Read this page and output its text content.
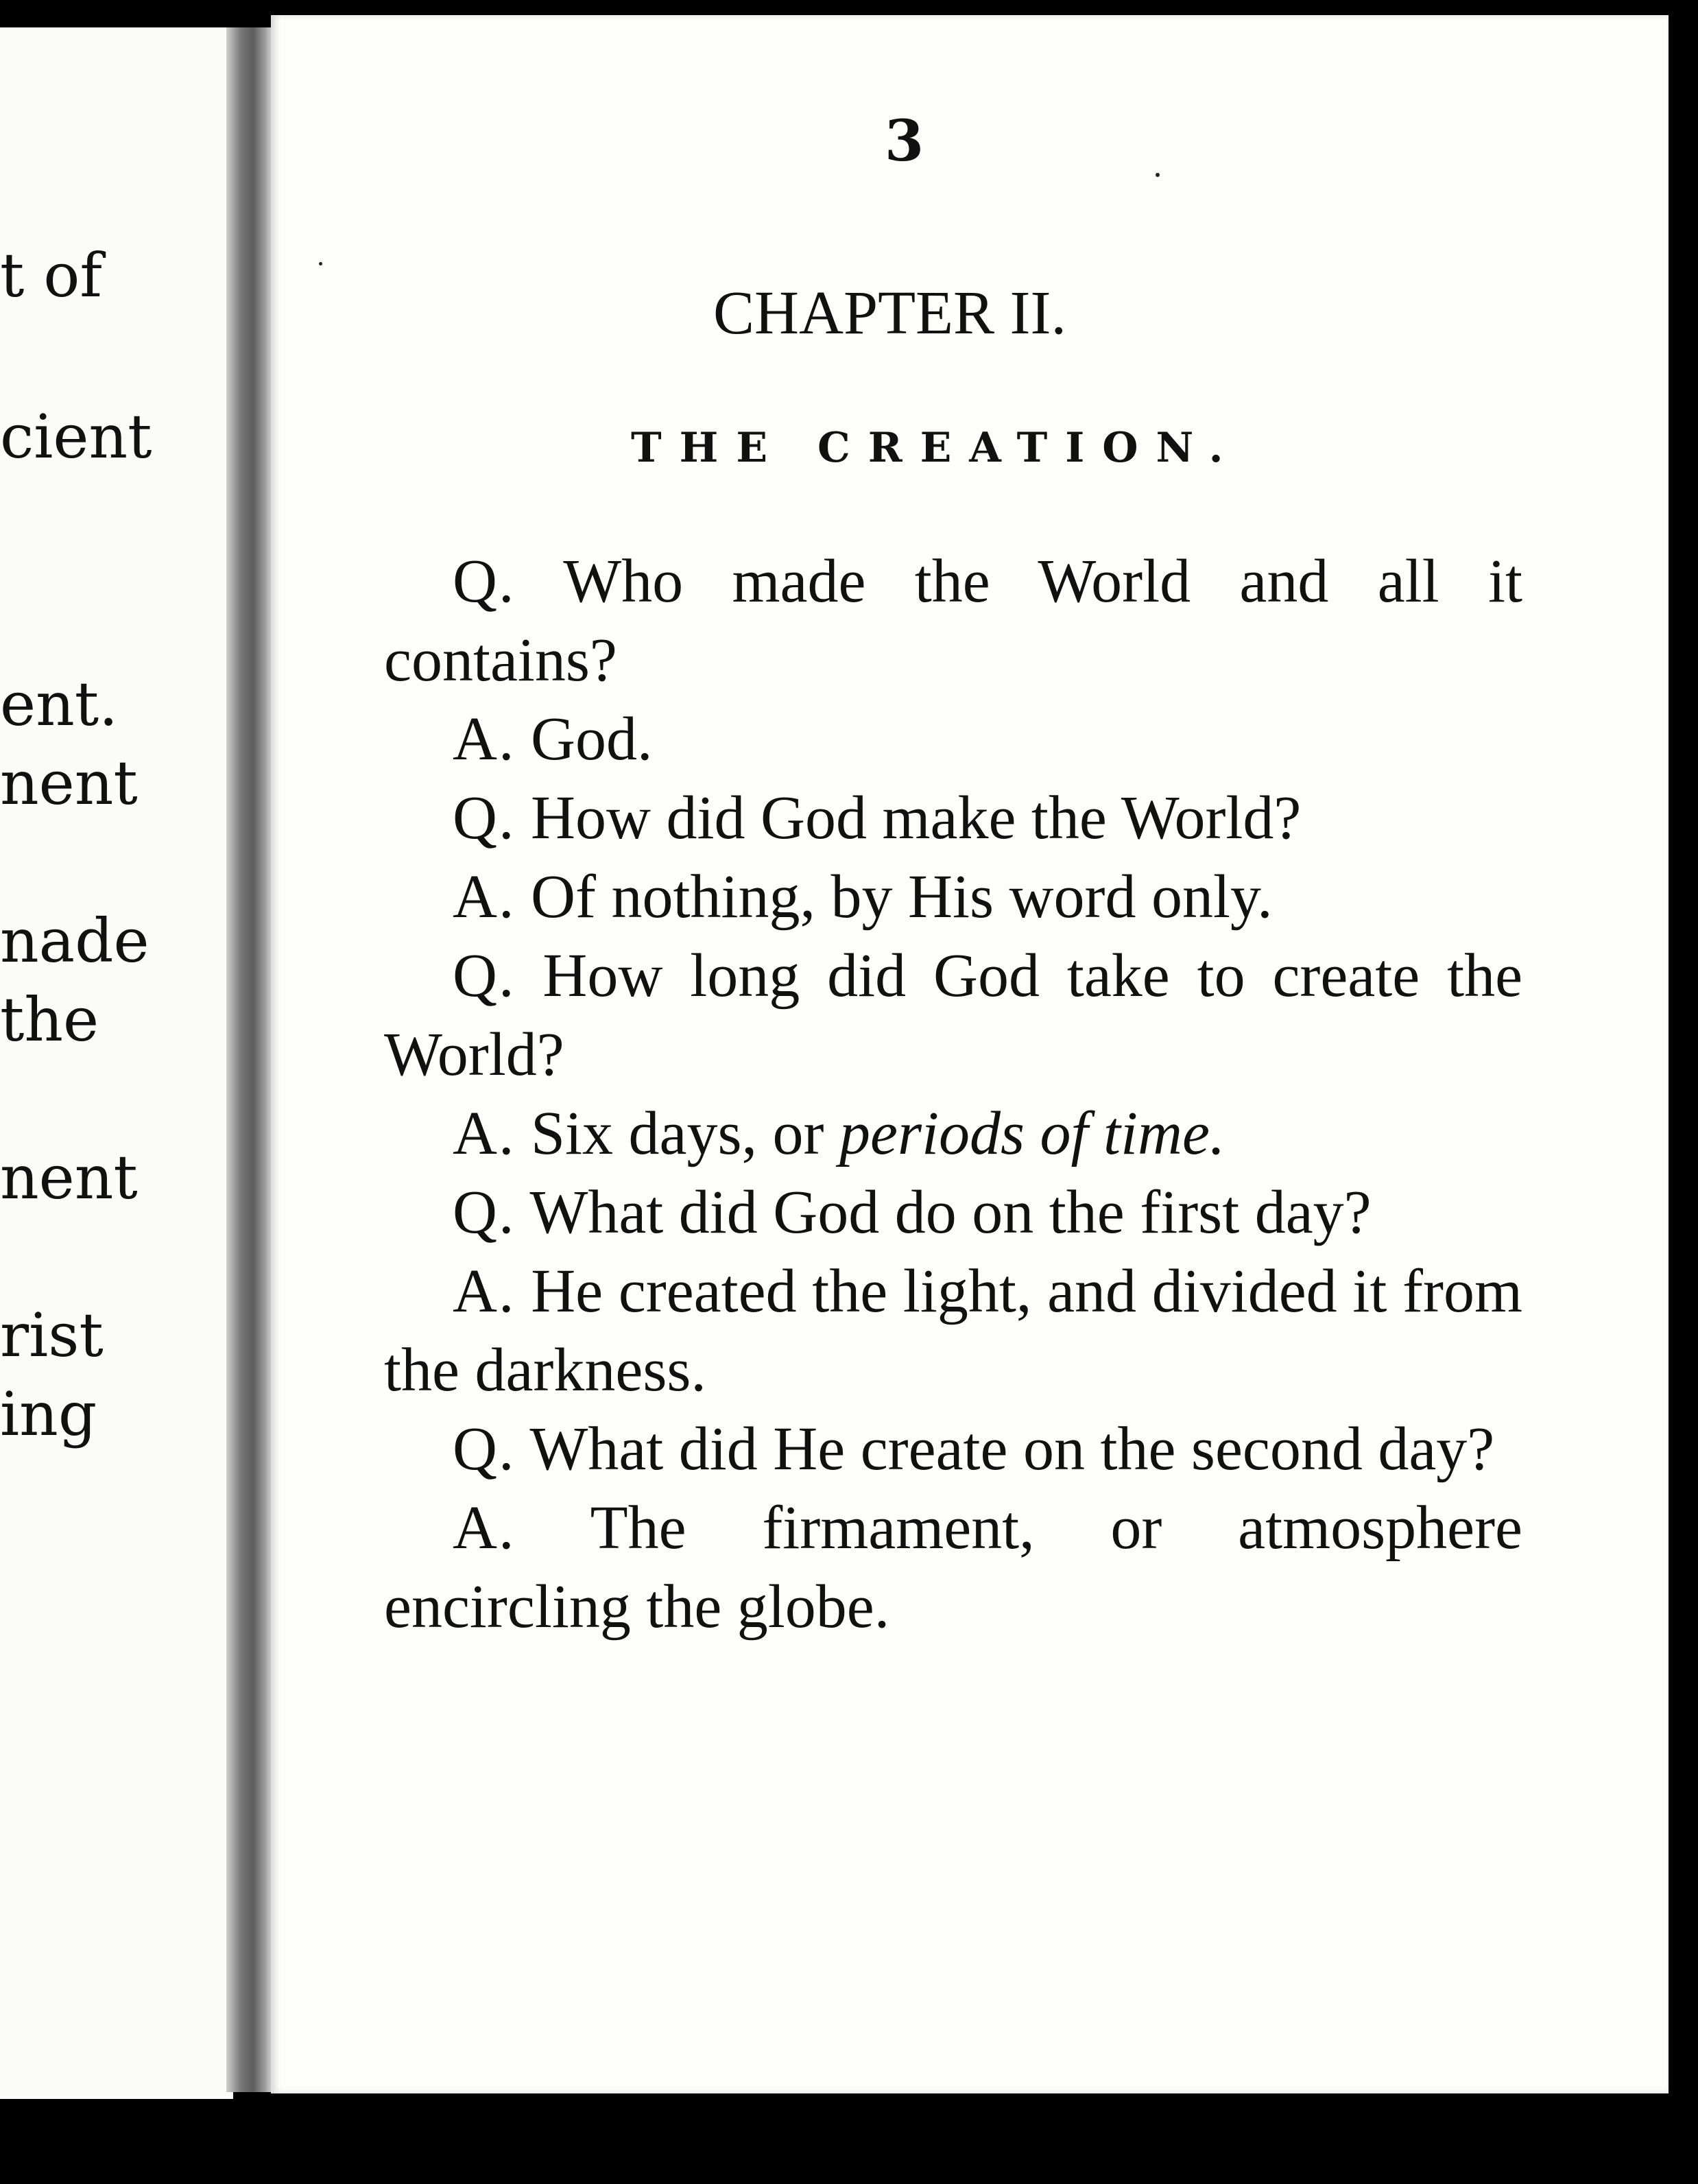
t of
cient
ent.
nent
nade
the
nent
rist
ing
3
CHAPTER II.
THE CREATION.

Q. Who made the World and all it contains?

A. God.

Q. How did God make the World?

A. Of nothing, by His word only.

Q. How long did God take to create the World?

A. Six days, or periods of time.

Q. What did God do on the first day?

A. He created the light, and divided it from the darkness.

Q. What did He create on the second day?

A. The firmament, or atmosphere encircling the globe.
